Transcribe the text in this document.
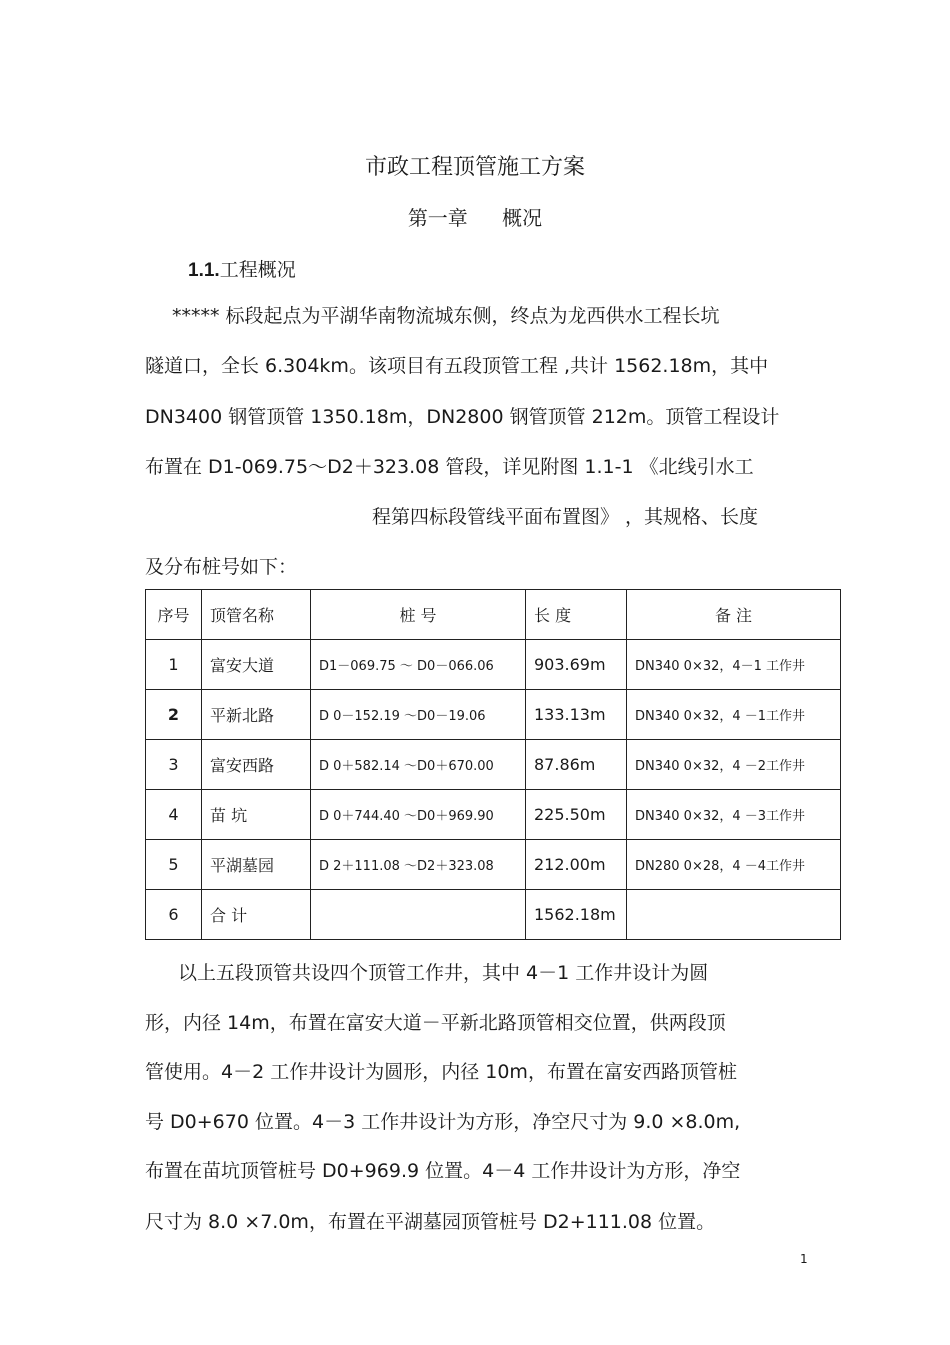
市政工程顶管施工方案
第一章 概况
1.1.工程概况
***** 标段起点为平湖华南物流城东侧，终点为龙西供水工程长坑
隧道口，全长 6.304km。该项目有五段顶管工程 ,共计 1562.18m，其中
DN3400 钢管顶管 1350.18m，DN2800 钢管顶管 212m。顶管工程设计
布置在 D1-069.75～D2＋323.08 管段，详见附图 1.1-1 《北线引水工
程第四标段管线平面布置图》 ，其规格、长度
及分布桩号如下：
序号	顶管名称	桩 号	长 度	备 注
1	富安大道	D1－069.75 ～ D0－066.06	903.69m	DN340 0×32，4－1 工作井
2	平新北路	D 0－152.19 ～D0－19.06	133.13m	DN340 0×32，4 －1工作井
3	富安西路	D 0＋582.14 ～D0＋670.00	87.86m	DN340 0×32，4 －2工作井
4	苗 坑	D 0＋744.40 ～D0＋969.90	225.50m	DN340 0×32，4 －3工作井
5	平湖墓园	D 2＋111.08 ～D2＋323.08	212.00m	DN280 0×28，4 －4工作井
6	合 计		1562.18m	
以上五段顶管共设四个顶管工作井，其中 4－1 工作井设计为圆
形，内径 14m，布置在富安大道－平新北路顶管相交位置，供两段顶
管使用。4－2 工作井设计为圆形，内径 10m，布置在富安西路顶管桩
号 D0+670 位置。4－3 工作井设计为方形，净空尺寸为 9.0 ×8.0m,
布置在苗坑顶管桩号 D0+969.9 位置。4－4 工作井设计为方形，净空
尺寸为 8.0 ×7.0m，布置在平湖墓园顶管桩号 D2+111.08 位置。
1
